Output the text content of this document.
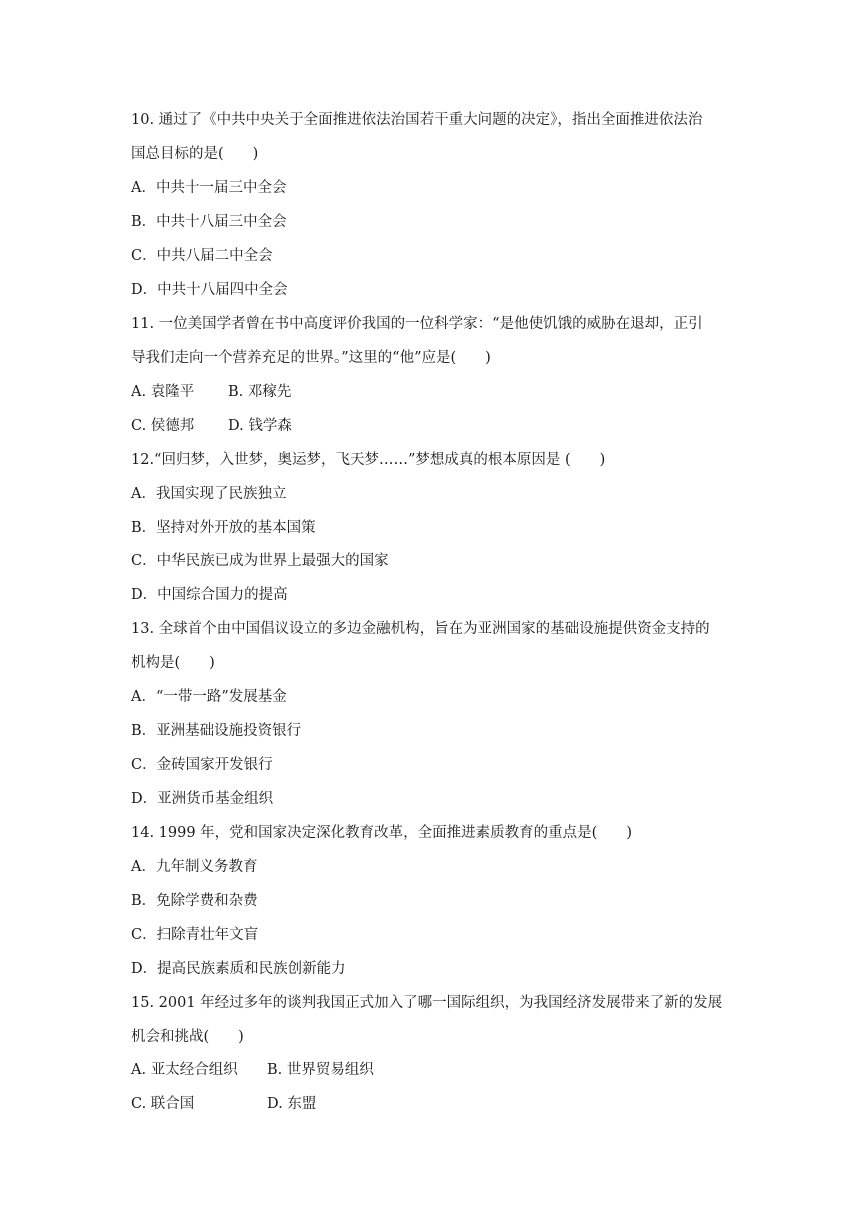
10. 通过了《中共中央关于全面推进依法治国若干重大问题的决定》，指出全面推进依法治
国总目标的是(　　)
A．中共十一届三中全会
B．中共十八届三中全会
C．中共八届二中全会
D．中共十八届四中全会
11. 一位美国学者曾在书中高度评价我国的一位科学家：“是他使饥饿的威胁在退却，正引
导我们走向一个营养充足的世界。”这里的“他”应是(　　)
A. 袁隆平 B. 邓稼先
C. 侯德邦 D. 钱学森
12.“回归梦，入世梦，奥运梦，飞天梦……”梦想成真的根本原因是 (　　)
A．我国实现了民族独立
B．坚持对外开放的基本国策
C．中华民族已成为世界上最强大的国家
D．中国综合国力的提高
13. 全球首个由中国倡议设立的多边金融机构，旨在为亚洲国家的基础设施提供资金支持的
机构是(　　)
A．“一带一路”发展基金
B．亚洲基础设施投资银行
C．金砖国家开发银行
D．亚洲货币基金组织
14. 1999 年，党和国家决定深化教育改革，全面推进素质教育的重点是(　　)
A．九年制义务教育
B．免除学费和杂费
C．扫除青壮年文盲
D．提高民族素质和民族创新能力
15. 2001 年经过多年的谈判我国正式加入了哪一国际组织，为我国经济发展带来了新的发展
机会和挑战(　　)
A. 亚太经合组织 B. 世界贸易组织
C. 联合国	D. 东盟
